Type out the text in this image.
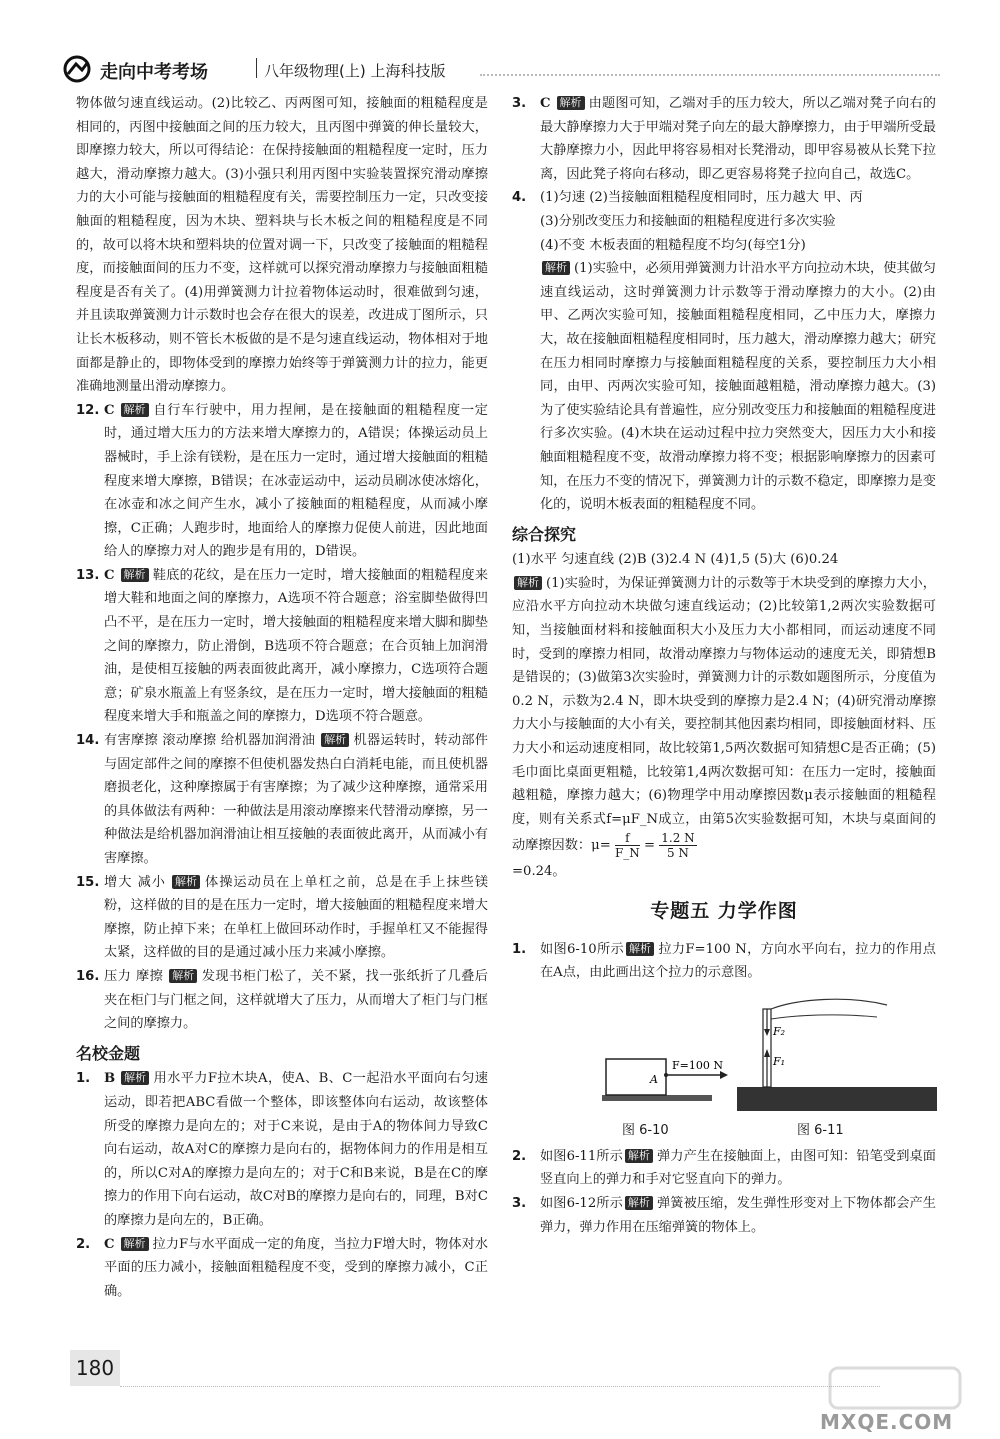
走向中考考场	八年级物理(上) 上海科技版

物体做匀速直线运动。(2)比较乙、丙两图可知，接触面的粗糙程度是相同的，丙图中接触面之间的压力较大，且丙图中弹簧的伸长量较大，即摩擦力较大，所以可得结论：在保持接触面的粗糙程度一定时，压力越大，滑动摩擦力越大。(3)小强只利用丙图中实验装置探究滑动摩擦力的大小可能与接触面的粗糙程度有关，需要控制压力一定，只改变接触面的粗糙程度，因为木块、塑料块与长木板之间的粗糙程度是不同的，故可以将木块和塑料块的位置对调一下，只改变了接触面的粗糙程度，而接触面间的压力不变，这样就可以探究滑动摩擦力与接触面粗糙程度是否有关了。(4)用弹簧测力计拉着物体运动时，很难做到匀速，并且读取弹簧测力计示数时也会存在很大的误差，改进成丁图所示，只让长木板移动，则不管长木板做的是不是匀速直线运动，物体相对于地面都是静止的，即物体受到的摩擦力始终等于弹簧测力计的拉力，能更准确地测量出滑动摩擦力。

12. C 解析 自行车行驶中，用力捏闸，是在接触面的粗糙程度一定时，通过增大压力的方法来增大摩擦力的，A错误；体操运动员上器械时，手上涂有镁粉，是在压力一定时，通过增大接触面的粗糙程度来增大摩擦，B错误；在冰壶运动中，运动员刷冰使冰熔化，在冰壶和冰之间产生水，减小了接触面的粗糙程度，从而减小摩擦，C正确；人跑步时，地面给人的摩擦力促使人前进，因此地面给人的摩擦力对人的跑步是有用的，D错误。

13. C 解析 鞋底的花纹，是在压力一定时，增大接触面的粗糙程度来增大鞋和地面之间的摩擦力，A选项不符合题意；浴室脚垫做得凹凸不平，是在压力一定时，增大接触面的粗糙程度来增大脚和脚垫之间的摩擦力，防止滑倒，B选项不符合题意；在合页轴上加润滑油，是使相互接触的两表面彼此离开，减小摩擦力，C选项符合题意；矿泉水瓶盖上有竖条纹，是在压力一定时，增大接触面的粗糙程度来增大手和瓶盖之间的摩擦力，D选项不符合题意。

14. 有害摩擦 滚动摩擦 给机器加润滑油 解析 机器运转时，转动部件与固定部件之间的摩擦不但使机器发热白白消耗电能，而且使机器磨损老化，这种摩擦属于有害摩擦；为了减少这种摩擦，通常采用的具体做法有两种：一种做法是用滚动摩擦来代替滑动摩擦，另一种做法是给机器加润滑油让相互接触的表面彼此离开，从而减小有害摩擦。

15. 增大 减小 解析 体操运动员在上单杠之前，总是在手上抹些镁粉，这样做的目的是在压力一定时，增大接触面的粗糙程度来增大摩擦，防止掉下来；在单杠上做回环动作时，手握单杠又不能握得太紧，这样做的目的是通过减小压力来减小摩擦。

16. 压力 摩擦 解析 发现书柜门松了，关不紧，找一张纸折了几叠后夹在柜门与门框之间，这样就增大了压力，从而增大了柜门与门框之间的摩擦力。

名校金题

1. B 解析 用水平力F拉木块A，使A、B、C一起沿水平面向右匀速运动，即若把ABC看做一个整体，即该整体向右运动，故该整体所受的摩擦力是向左的；对于C来说，是由于A的物体间力导致C向右运动，故A对C的摩擦力是向右的，据物体间力的作用是相互的，所以C对A的摩擦力是向左的；对于C和B来说，B是在C的摩擦力的作用下向右运动，故C对B的摩擦力是向右的，同理，B对C的摩擦力是向左的，B正确。

2. C 解析 拉力F与水平面成一定的角度，当拉力F增大时，物体对水平面的压力减小，接触面粗糙程度不变，受到的摩擦力减小，C正确。

3. C 解析 由题图可知，乙端对手的压力较大，所以乙端对凳子向右的最大静摩擦力大于甲端对凳子向左的最大静摩擦力，由于甲端所受最大静摩擦力小，因此甲将容易相对长凳滑动，即甲容易被从长凳下拉离，因此凳子将向右移动，即乙更容易将凳子拉向自己，故选C。

4. (1)匀速 (2)当接触面粗糙程度相同时，压力越大 甲、丙
(3)分别改变压力和接触面的粗糙程度进行多次实验
(4)不变 木板表面的粗糙程度不均匀(每空1分)
解析 (1)实验中，必须用弹簧测力计沿水平方向拉动木块，使其做匀速直线运动，这时弹簧测力计示数等于滑动摩擦力的大小。(2)由甲、乙两次实验可知，接触面粗糙程度相同，乙中压力大，摩擦力大，故在接触面粗糙程度相同时，压力越大，滑动摩擦力越大；研究在压力相同时摩擦力与接触面粗糙程度的关系，要控制压力大小相同，由甲、丙两次实验可知，接触面越粗糙，滑动摩擦力越大。(3)为了使实验结论具有普遍性，应分别改变压力和接触面的粗糙程度进行多次实验。(4)木块在运动过程中拉力突然变大，因压力大小和接触面粗糙程度不变，故滑动摩擦力将不变；根据影响摩擦力的因素可知，在压力不变的情况下，弹簧测力计的示数不稳定，即摩擦力是变化的，说明木板表面的粗糙程度不同。
综合探究
(1)水平 匀速直线 (2)B (3)2.4 N (4)1,5 (5)大 (6)0.24
解析 (1)实验时，为保证弹簧测力计的示数等于木块受到的摩擦力大小，应沿水平方向拉动木块做匀速直线运动；(2)比较第1,2两次实验数据可知，当接触面材料和接触面积大小及压力大小都相同，而运动速度不同时，受到的摩擦力相同，故滑动摩擦力与物体运动的速度无关，即猜想B是错误的；(3)做第3次实验时，弹簧测力计的示数如题图所示，分度值为0.2 N，示数为2.4 N，即木块受到的摩擦力是2.4 N；(4)研究滑动摩擦力大小与接触面的大小有关，要控制其他因素均相同，即接触面材料、压力大小和运动速度相同，故比较第1,5两次数据可知猜想C是否正确；(5)毛巾面比桌面更粗糙，比较第1,4两次数据可知：在压力一定时，接触面越粗糙，摩擦力越大；(6)物理学中用动摩擦因数μ表示接触面的粗糙程度，则有关系式f=μF_N成立，由第5次实验数据可知，木块与桌面间的动摩擦因数：$\mu= \frac{f}{F\_N} = \frac{1.2 N}{5 N}$
=0.24。
专题五 力学作图

1. 如图6-10所示 解析 拉力F=100 N，方向水平向右，拉力的作用点在A点，由此画出这个拉力的示意图。

A
F=100 N
图 6-10
F₂
F₁
图 6-11

2. 如图6-11所示 解析 弹力产生在接触面上，由图可知：铅笔受到桌面竖直向上的弹力和手对它竖直向下的弹力。

3. 如图6-12所示 解析 弹簧被压缩，发生弹性形变对上下物体都会产生弹力，弹力作用在压缩弹簧的物体上。

180
MXQE.COM
